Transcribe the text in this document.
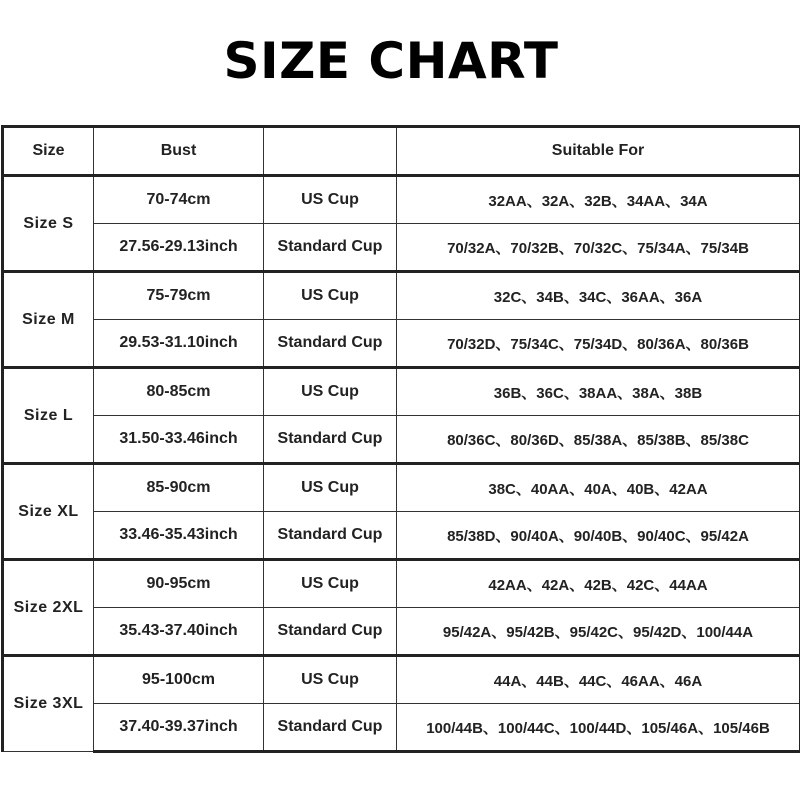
SIZE CHART
Size	Bust		Suitable For
Size S	70-74cm	US Cup	32AA、32A、32B、34AA、34A
	27.56-29.13inch	Standard Cup	70/32A、70/32B、70/32C、75/34A、75/34B
Size M	75-79cm	US Cup	32C、34B、34C、36AA、36A
	29.53-31.10inch	Standard Cup	70/32D、75/34C、75/34D、80/36A、80/36B
Size L	80-85cm	US Cup	36B、36C、38AA、38A、38B
	31.50-33.46inch	Standard Cup	80/36C、80/36D、85/38A、85/38B、85/38C
Size XL	85-90cm	US Cup	38C、40AA、40A、40B、42AA
	33.46-35.43inch	Standard Cup	85/38D、90/40A、90/40B、90/40C、95/42A
Size 2XL	90-95cm	US Cup	42AA、42A、42B、42C、44AA
	35.43-37.40inch	Standard Cup	95/42A、95/42B、95/42C、95/42D、100/44A
Size 3XL	95-100cm	US Cup	44A、44B、44C、46AA、46A
	37.40-39.37inch	Standard Cup	100/44B、100/44C、100/44D、105/46A、105/46B
